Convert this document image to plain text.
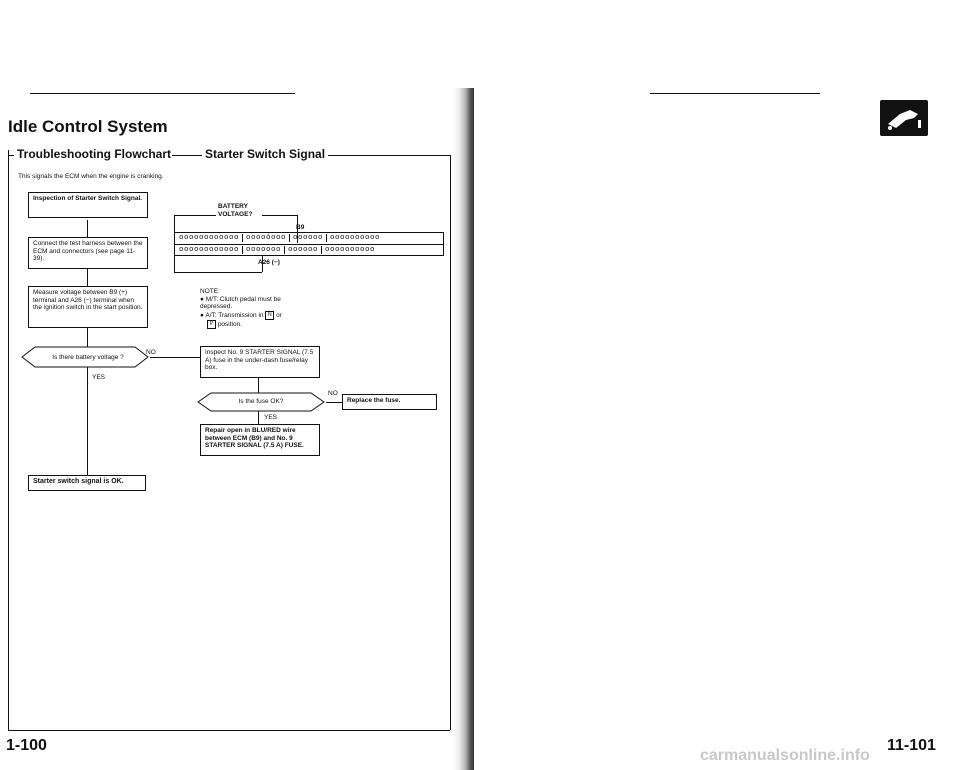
Idle Control System
Troubleshooting Flowchart	Starter Switch Signal
This signals the ECM when the engine is cranking.
Inspection of Starter Switch Signal.
Connect the test harness between the ECM and connectors (see page 11-39).
Measure voltage between B9 (+) terminal and A26 (−) terminal when the ignition switch in the start position.
Is there battery voltage ?
NO
YES
Starter switch signal is OK.
Inspect No. 9 STARTER SIGNAL (7.5 A) fuse in the under-dash fuse/relay box.
Is the fuse OK?
NO
Replace the fuse.
YES
Repair open in BLU/RED wire between ECM (B9) and No. 9 STARTER SIGNAL (7.5 A) FUSE.
BATTERY
VOLTAGE?
B9
oooooooooooo ooooóooo oooooo oooooooooo
oooooooooooo ooooooo oooooo oooooooooo
A26 (−)
NOTE:
● M/T: Clutch pedal must be depressed.
● A/T: Transmission in N or
P position.
1-100	11-101
carmanualsonline.info
